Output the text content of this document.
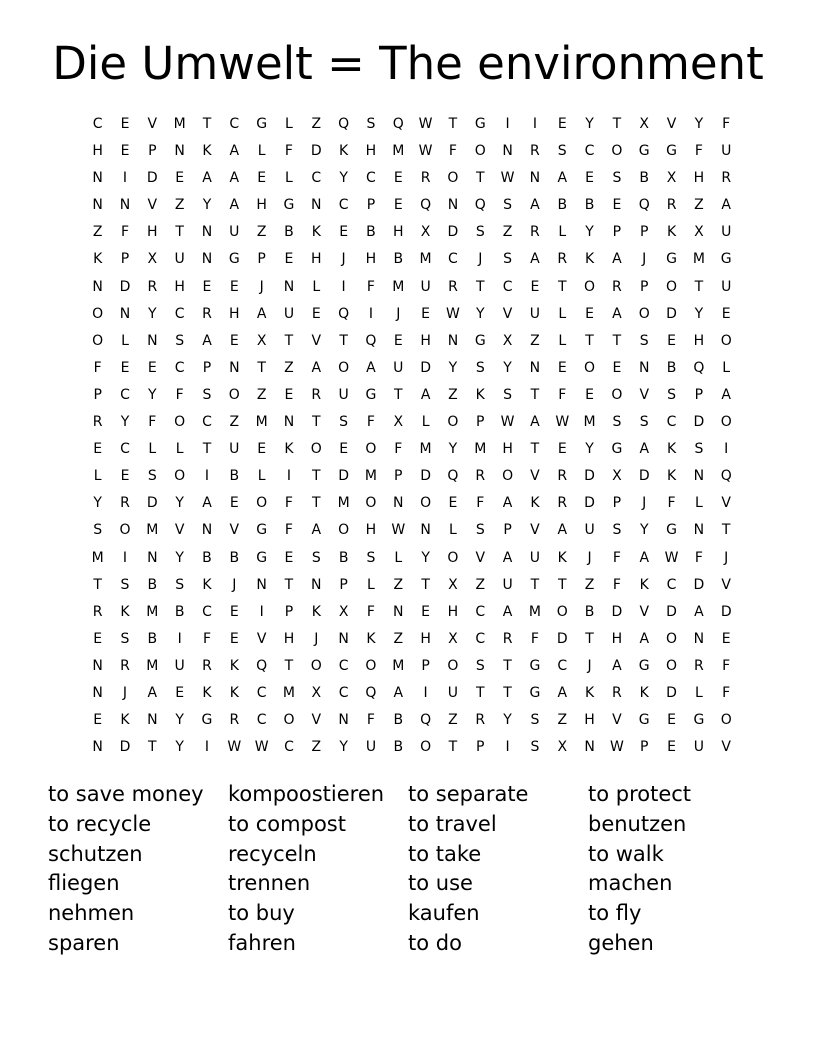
Die Umwelt = The environment
C	E	V	M	T	C	G	L	Z	Q	S	Q	W	T	G	I	I	E	Y	T	X	V	Y	F
H	E	P	N	K	A	L	F	D	K	H	M	W	F	O	N	R	S	C	O	G	G	F	U
N	I	D	E	A	A	E	L	C	Y	C	E	R	O	T	W	N	A	E	S	B	X	H	R
N	N	V	Z	Y	A	H	G	N	C	P	E	Q	N	Q	S	A	B	B	E	Q	R	Z	A
Z	F	H	T	N	U	Z	B	K	E	B	H	X	D	S	Z	R	L	Y	P	P	K	X	U
K	P	X	U	N	G	P	E	H	J	H	B	M	C	J	S	A	R	K	A	J	G	M	G
N	D	R	H	E	E	J	N	L	I	F	M	U	R	T	C	E	T	O	R	P	O	T	U
O	N	Y	C	R	H	A	U	E	Q	I	J	E	W	Y	V	U	L	E	A	O	D	Y	E
O	L	N	S	A	E	X	T	V	T	Q	E	H	N	G	X	Z	L	T	T	S	E	H	O
F	E	E	C	P	N	T	Z	A	O	A	U	D	Y	S	Y	N	E	O	E	N	B	Q	L
P	C	Y	F	S	O	Z	E	R	U	G	T	A	Z	K	S	T	F	E	O	V	S	P	A
R	Y	F	O	C	Z	M	N	T	S	F	X	L	O	P	W	A	W	M	S	S	C	D	O
E	C	L	L	T	U	E	K	O	E	O	F	M	Y	M	H	T	E	Y	G	A	K	S	I
L	E	S	O	I	B	L	I	T	D	M	P	D	Q	R	O	V	R	D	X	D	K	N	Q
Y	R	D	Y	A	E	O	F	T	M	O	N	O	E	F	A	K	R	D	P	J	F	L	V
S	O	M	V	N	V	G	F	A	O	H	W	N	L	S	P	V	A	U	S	Y	G	N	T
M	I	N	Y	B	B	G	E	S	B	S	L	Y	O	V	A	U	K	J	F	A	W	F	J
T	S	B	S	K	J	N	T	N	P	L	Z	T	X	Z	U	T	T	Z	F	K	C	D	V
R	K	M	B	C	E	I	P	K	X	F	N	E	H	C	A	M	O	B	D	V	D	A	D
E	S	B	I	F	E	V	H	J	N	K	Z	H	X	C	R	F	D	T	H	A	O	N	E
N	R	M	U	R	K	Q	T	O	C	O	M	P	O	S	T	G	C	J	A	G	O	R	F
N	J	A	E	K	K	C	M	X	C	Q	A	I	U	T	T	G	A	K	R	K	D	L	F
E	K	N	Y	G	R	C	O	V	N	F	B	Q	Z	R	Y	S	Z	H	V	G	E	G	O
N	D	T	Y	I	W W	C	Z	Y	U	B	O	T	P	I	S	X	N	W	P	E	U	V
to save money
to recycle
schutzen
fliegen
nehmen
sparen
kompoostieren
to compost
recyceln
trennen
to buy
fahren
to separate
to travel
to take
to use
kaufen
to do
to protect
benutzen
to walk
machen
to fly
gehen
